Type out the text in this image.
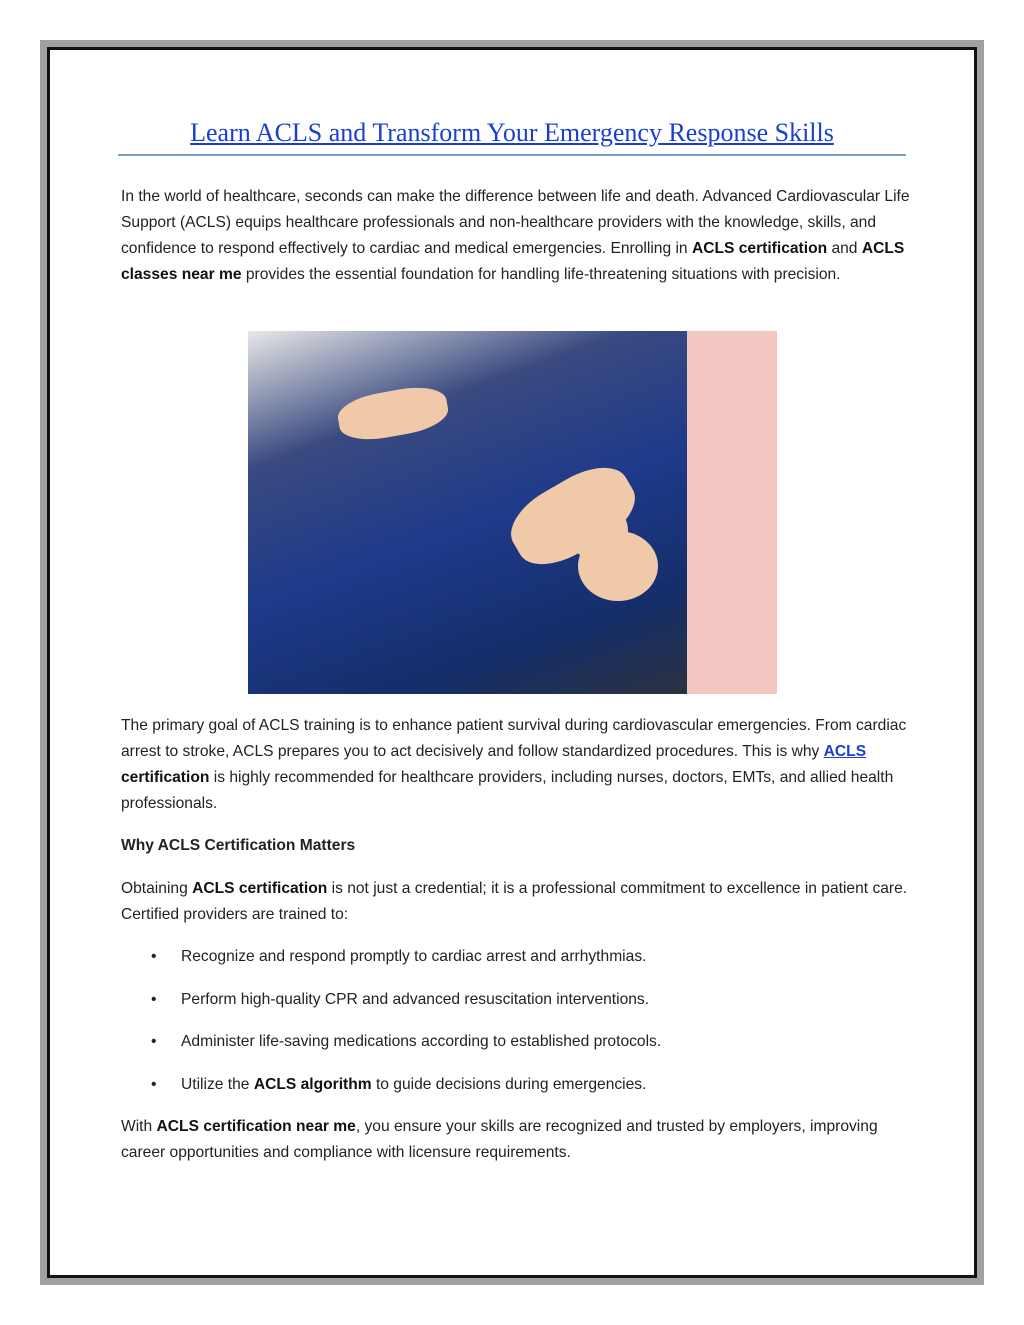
Learn ACLS and Transform Your Emergency Response Skills
In the world of healthcare, seconds can make the difference between life and death. Advanced Cardiovascular Life Support (ACLS) equips healthcare professionals and non-healthcare providers with the knowledge, skills, and confidence to respond effectively to cardiac and medical emergencies. Enrolling in ACLS certification and ACLS classes near me provides the essential foundation for handling life-threatening situations with precision.
The primary goal of ACLS training is to enhance patient survival during cardiovascular emergencies. From cardiac arrest to stroke, ACLS prepares you to act decisively and follow standardized procedures. This is why ACLS certification is highly recommended for healthcare providers, including nurses, doctors, EMTs, and allied health professionals.
Why ACLS Certification Matters
Obtaining ACLS certification is not just a credential; it is a professional commitment to excellence in patient care. Certified providers are trained to:
• Recognize and respond promptly to cardiac arrest and arrhythmias.
• Perform high-quality CPR and advanced resuscitation interventions.
• Administer life-saving medications according to established protocols.
• Utilize the ACLS algorithm to guide decisions during emergencies.
With ACLS certification near me, you ensure your skills are recognized and trusted by employers, improving career opportunities and compliance with licensure requirements.
